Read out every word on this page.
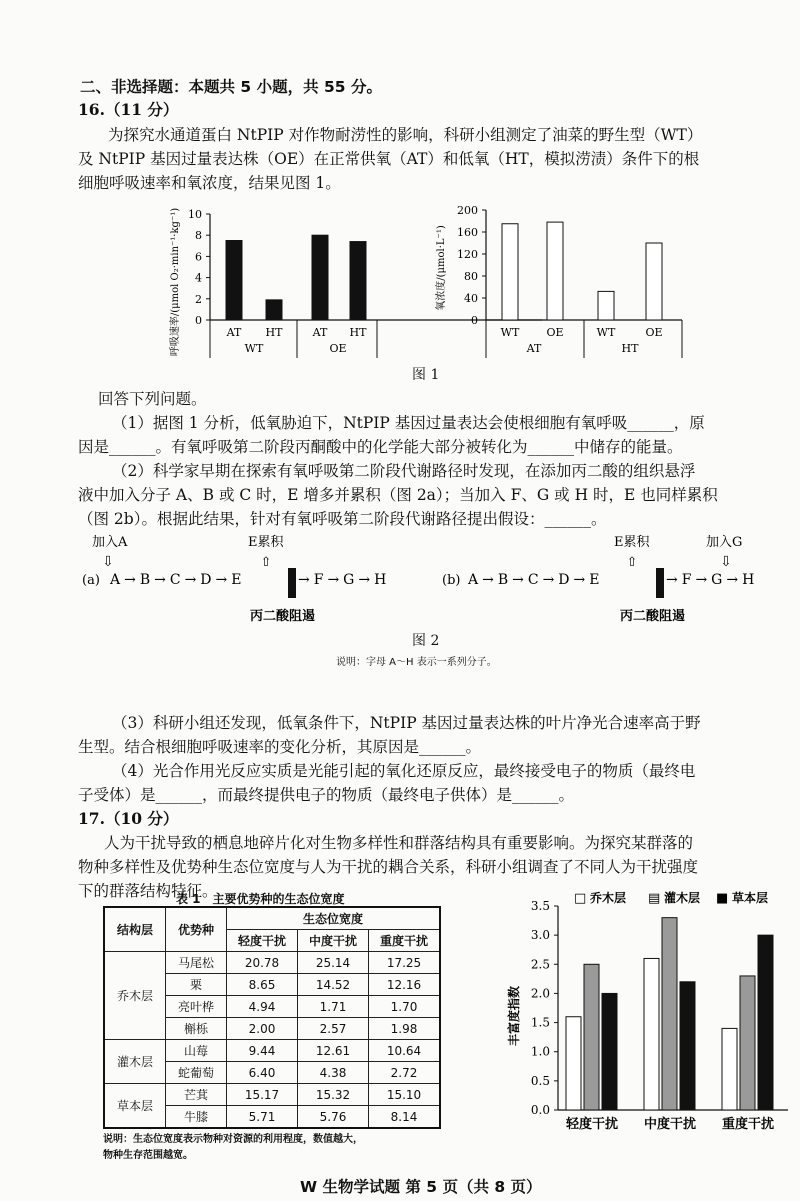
二、非选择题：本题共 5 小题，共 55 分。
16.（11 分）
为探究水通道蛋白 NtPIP 对作物耐涝性的影响，科研小组测定了油菜的野生型（WT）
及 NtPIP 基因过量表达株（OE）在正常供氧（AT）和低氧（HT，模拟涝渍）条件下的根
细胞呼吸速率和氧浓度，结果见图 1。
呼吸速率/(μmol O₂·min⁻¹·kg⁻¹) 0
2
4
6
8
10
AT HT	AT HT
WT	OE
氧浓度/(μmol·L⁻¹)
0
40
80
120
160
200
WT OE	WT	OE
AT	HT
图 1
回答下列问题。
（1）据图 1 分析，低氧胁迫下，NtPIP 基因过量表达会使根细胞有氧呼吸______，原
因是______。有氧呼吸第二阶段丙酮酸中的化学能大部分被转化为______中储存的能量。
（2）科学家早期在探索有氧呼吸第二阶段代谢路径时发现，在添加丙二酸的组织悬浮
液中加入分子 A、B 或 C 时，E 增多并累积（图 2a）；当加入 F、G 或 H 时，E 也同样累积
（图 2b）。根据此结果，针对有氧呼吸第二阶段代谢路径提出假设：______。
加入A
⇩
E累积
⇧
(a) A→B→C→D→E	→F→G→H
丙二酸阻遏
E累积
⇧
加入G
⇩
(b) A→B→C→D→E	→F→G→H
丙二酸阻遏
图 2
说明：字母 A～H 表示一系列分子。
（3）科研小组还发现，低氧条件下，NtPIP 基因过量表达株的叶片净光合速率高于野
生型。结合根细胞呼吸速率的变化分析，其原因是______。
（4）光合作用光反应实质是光能引起的氧化还原反应，最终接受电子的物质（最终电
子受体）是______，而最终提供电子的物质（最终电子供体）是______。
17.（10 分）
人为干扰导致的栖息地碎片化对生物多样性和群落结构具有重要影响。为探究某群落的
物种多样性及优势种生态位宽度与人为干扰的耦合关系，科研小组调查了不同人为干扰强度
下的群落结构特征。
表 1　主要优势种的生态位宽度
结构层	优势种	生态位宽度		
		轻度干扰	中度干扰	重度干扰
乔木层	马尾松	20.78	25.14	17.25
	栗	8.65	14.52	12.16
	亮叶桦	4.94	1.71	1.70
	槲栎	2.00	2.57	1.98
灌木层	山莓	9.44	12.61	10.64
	蛇葡萄	6.40	4.38	2.72
草本层	芒萁	15.17	15.32	15.10
	牛膝	5.71	5.76	8.14
说明：生态位宽度表示物种对资源的利用程度，数值越大，
物种生存范围越宽。
丰富度指数
0.0
0.5
1.0
1.5
2.0
2.5
3.0
3.5
轻度干扰 中度干扰 重度干扰
□ 乔木层 ▤ 灌木层 ■ 草本层
W 生物学试题 第 5 页（共 8 页）
